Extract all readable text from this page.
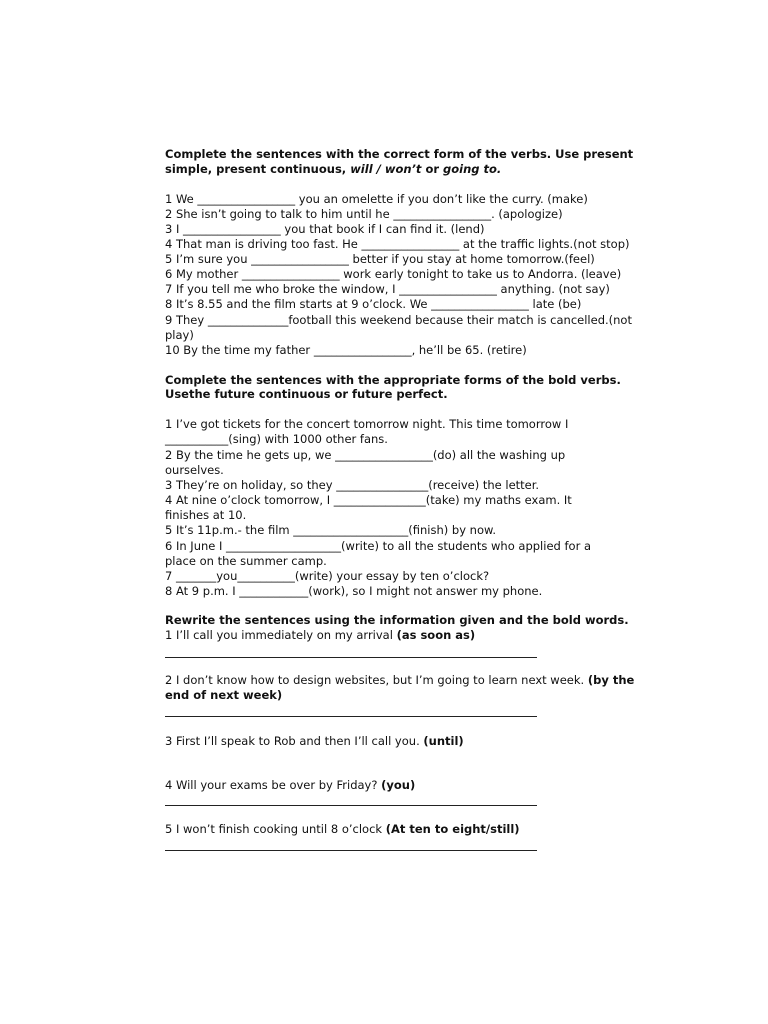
Complete the sentences with the correct form of the verbs. Use present
simple, present continuous, will / won’t or going to.
1 We _________________ you an omelette if you don’t like the curry. (make)
2 She isn’t going to talk to him until he _________________. (apologize)
3 I _________________ you that book if I can find it. (lend)
4 That man is driving too fast. He _________________ at the traffic lights.(not stop)
5 I’m sure you _________________ better if you stay at home tomorrow.(feel)
6 My mother _________________ work early tonight to take us to Andorra. (leave)
7 If you tell me who broke the window, I _________________ anything. (not say)
8 It’s 8.55 and the film starts at 9 o’clock. We _________________ late (be)
9 They ______________football this weekend because their match is cancelled.(not
play)
10 By the time my father _________________, he’ll be 65. (retire)
Complete the sentences with the appropriate forms of the bold verbs.
Usethe future continuous or future perfect.
1 I’ve got tickets for the concert tomorrow night. This time tomorrow I
___________(sing) with 1000 other fans.
2 By the time he gets up, we _________________(do) all the washing up
ourselves.
3 They’re on holiday, so they ________________(receive) the letter.
4 At nine o’clock tomorrow, I ________________(take) my maths exam. It
finishes at 10.
5 It’s 11p.m.- the film ____________________(finish) by now.
6 In June I ____________________(write) to all the students who applied for a
place on the summer camp.
7 _______you__________(write) your essay by ten o’clock?
8 At 9 p.m. I ____________(work), so I might not answer my phone.
Rewrite the sentences using the information given and the bold words.
1 I’ll call you immediately on my arrival (as soon as)
2 I don’t know how to design websites, but I’m going to learn next week. (by the
end of next week)
3 First I’ll speak to Rob and then I’ll call you. (until)
4 Will your exams be over by Friday? (you)
5 I won’t finish cooking until 8 o’clock (At ten to eight/still)
